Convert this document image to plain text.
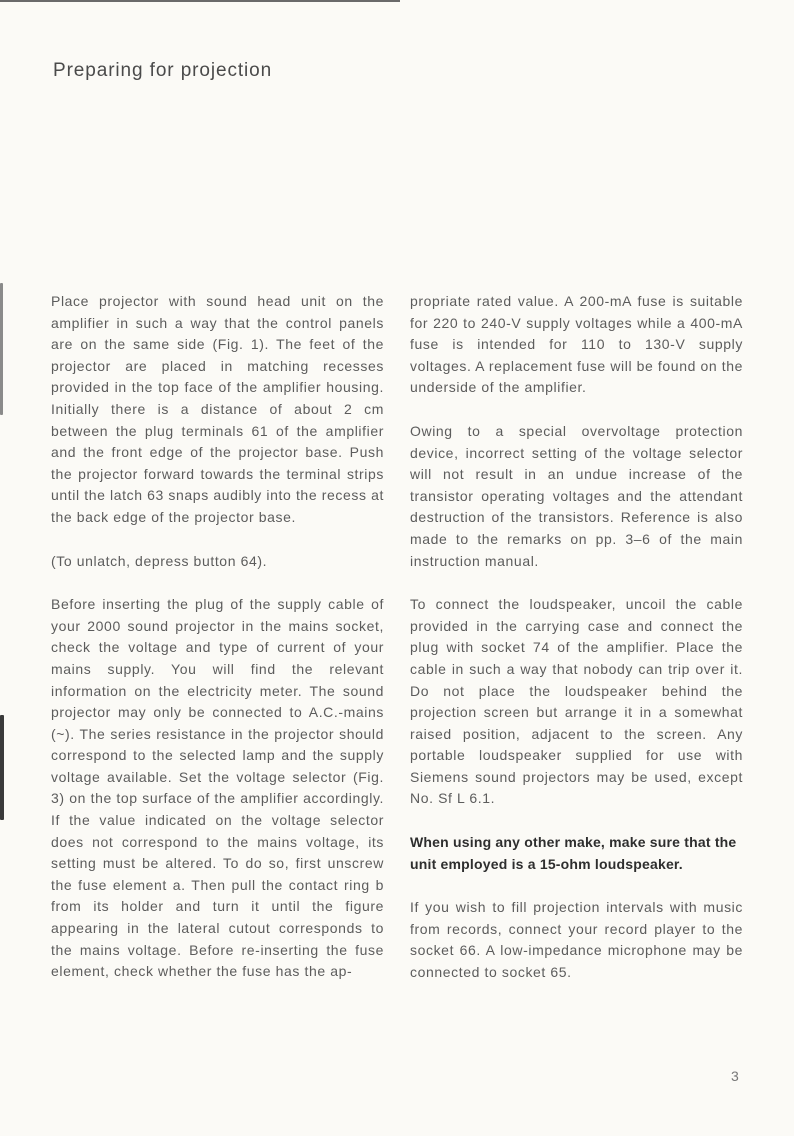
Preparing for projection

Place projector with sound head unit on the amplifier in such a way that the control panels are on the same side (Fig. 1). The feet of the projector are placed in matching recesses provided in the top face of the amplifier housing. Initially there is a distance of about 2 cm between the plug terminals 61 of the amplifier and the front edge of the projector base. Push the projector forward towards the terminal strips until the latch 63 snaps audibly into the recess at the back edge of the projector base.

(To unlatch, depress button 64).

Before inserting the plug of the supply cable of your 2000 sound projector in the mains socket, check the voltage and type of current of your mains supply. You will find the relevant information on the electricity meter. The sound projector may only be connected to A.C.-mains (~). The series resistance in the projector should correspond to the selected lamp and the supply voltage available. Set the voltage selector (Fig. 3) on the top surface of the amplifier accordingly. If the value indicated on the voltage selector does not correspond to the mains voltage, its setting must be altered. To do so, first unscrew the fuse element a. Then pull the contact ring b from its holder and turn it until the figure appearing in the lateral cutout corresponds to the mains voltage. Before re-inserting the fuse element, check whether the fuse has the ap-

propriate rated value. A 200-mA fuse is suitable for 220 to 240-V supply voltages while a 400-mA fuse is intended for 110 to 130-V supply voltages. A replacement fuse will be found on the underside of the amplifier.

Owing to a special overvoltage protection device, incorrect setting of the voltage selector will not result in an undue increase of the transistor operating voltages and the attendant destruction of the transistors. Reference is also made to the remarks on pp. 3–6 of the main instruction manual.

To connect the loudspeaker, uncoil the cable provided in the carrying case and connect the plug with socket 74 of the amplifier. Place the cable in such a way that nobody can trip over it. Do not place the loudspeaker behind the projection screen but arrange it in a somewhat raised position, adjacent to the screen. Any portable loudspeaker supplied for use with Siemens sound projectors may be used, except No. Sf L 6.1.

When using any other make, make sure that the unit employed is a 15-ohm loudspeaker.

If you wish to fill projection intervals with music from records, connect your record player to the socket 66. A low-impedance microphone may be connected to socket 65.

3
